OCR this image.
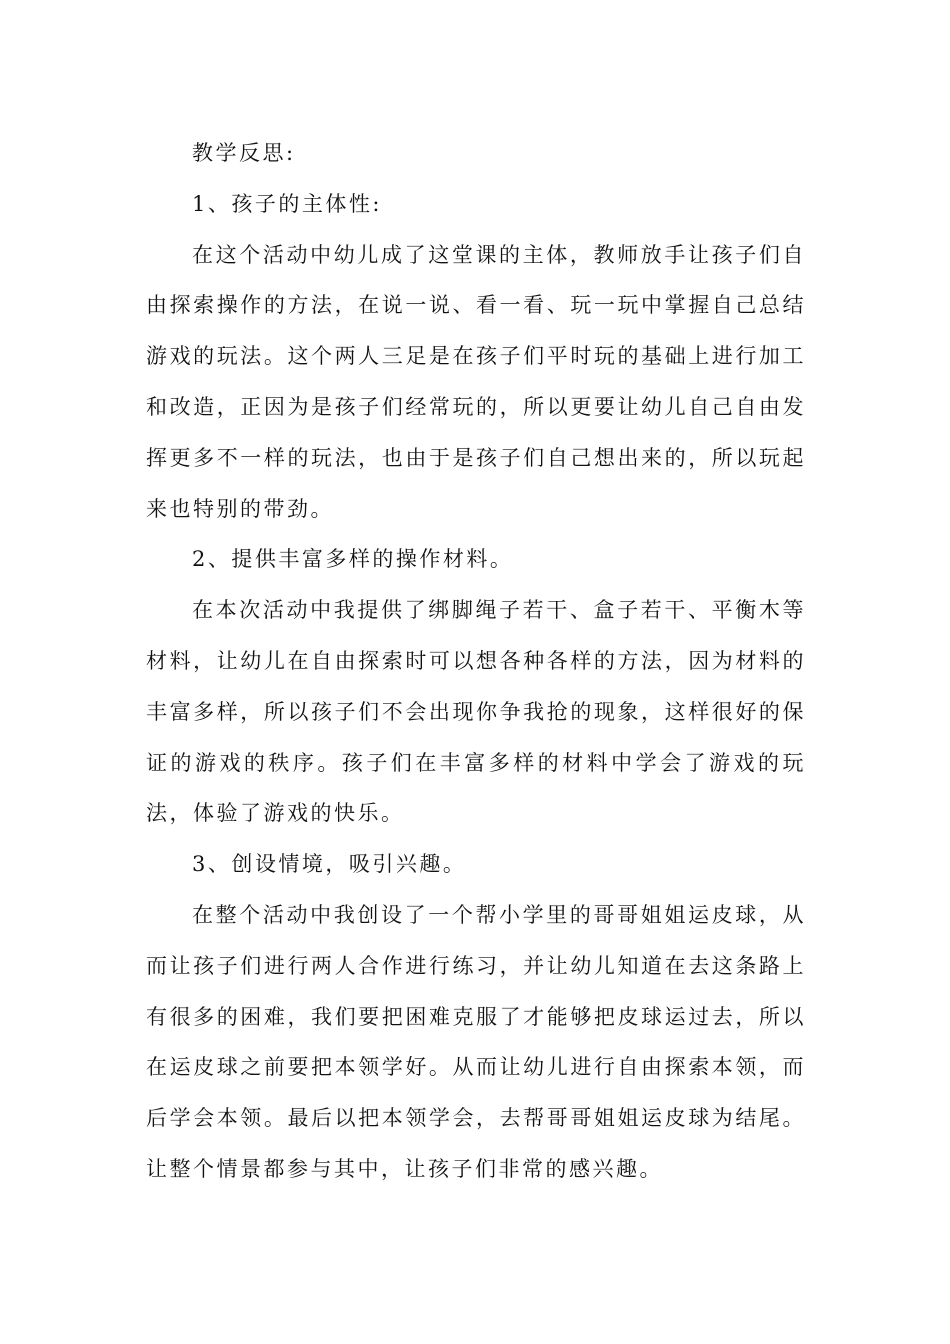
教学反思:

1、孩子的主体性:

在这个活动中幼儿成了这堂课的主体，教师放手让孩子们自由探索操作的方法，在说一说、看一看、玩一玩中掌握自己总结游戏的玩法。这个两人三足是在孩子们平时玩的基础上进行加工和改造，正因为是孩子们经常玩的，所以更要让幼儿自己自由发挥更多不一样的玩法，也由于是孩子们自己想出来的，所以玩起来也特别的带劲。

2、提供丰富多样的操作材料。

在本次活动中我提供了绑脚绳子若干、盒子若干、平衡木等材料，让幼儿在自由探索时可以想各种各样的方法，因为材料的丰富多样，所以孩子们不会出现你争我抢的现象，这样很好的保证的游戏的秩序。孩子们在丰富多样的材料中学会了游戏的玩法，体验了游戏的快乐。

3、创设情境，吸引兴趣。

在整个活动中我创设了一个帮小学里的哥哥姐姐运皮球，从而让孩子们进行两人合作进行练习，并让幼儿知道在去这条路上有很多的困难，我们要把困难克服了才能够把皮球运过去，所以在运皮球之前要把本领学好。从而让幼儿进行自由探索本领，而后学会本领。最后以把本领学会，去帮哥哥姐姐运皮球为结尾。让整个情景都参与其中，让孩子们非常的感兴趣。
